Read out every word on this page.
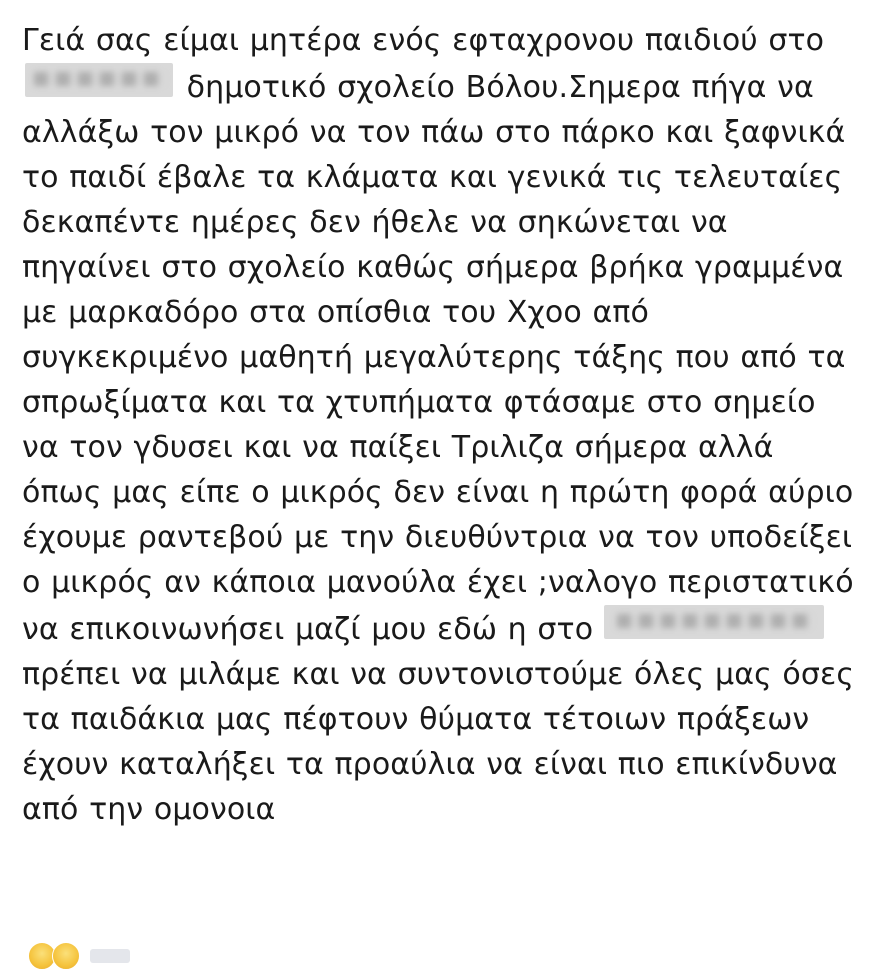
Γειά σας είμαι μητέρα ενός εφταχρονου παιδιού στο  δημοτικό σχολείο Βόλου.Σημερα πήγα να αλλάξω τον μικρό να τον πάω στο πάρκο και ξαφνικά το παιδί έβαλε τα κλάματα και γενικά τις τελευταίες δεκαπέντε ημέρες δεν ήθελε να σηκώνεται να πηγαίνει στο σχολείο καθώς σήμερα βρήκα γραμμένα με μαρκαδόρο στα οπίσθια του Χχοο από συγκεκριμένο μαθητή μεγαλύτερης τάξης που από τα σπρωξίματα και τα χτυπήματα φτάσαμε στο σημείο να τον γδυσει και να παίξει Τριλιζα σήμερα αλλά όπως μας είπε ο μικρός δεν είναι η πρώτη φορά αύριο έχουμε ραντεβού με την διευθύντρια να τον υποδείξει ο μικρός αν κάποια μανούλα έχει ;ναλογο περιστατικό να επικοινωνήσει μαζί μου εδώ η στο  πρέπει να μιλάμε και να συντονιστούμε όλες μας όσες τα παιδάκια μας πέφτουν θύματα τέτοιων πράξεων έχουν καταλήξει τα προαύλια να είναι πιο επικίνδυνα από την ομονοια
